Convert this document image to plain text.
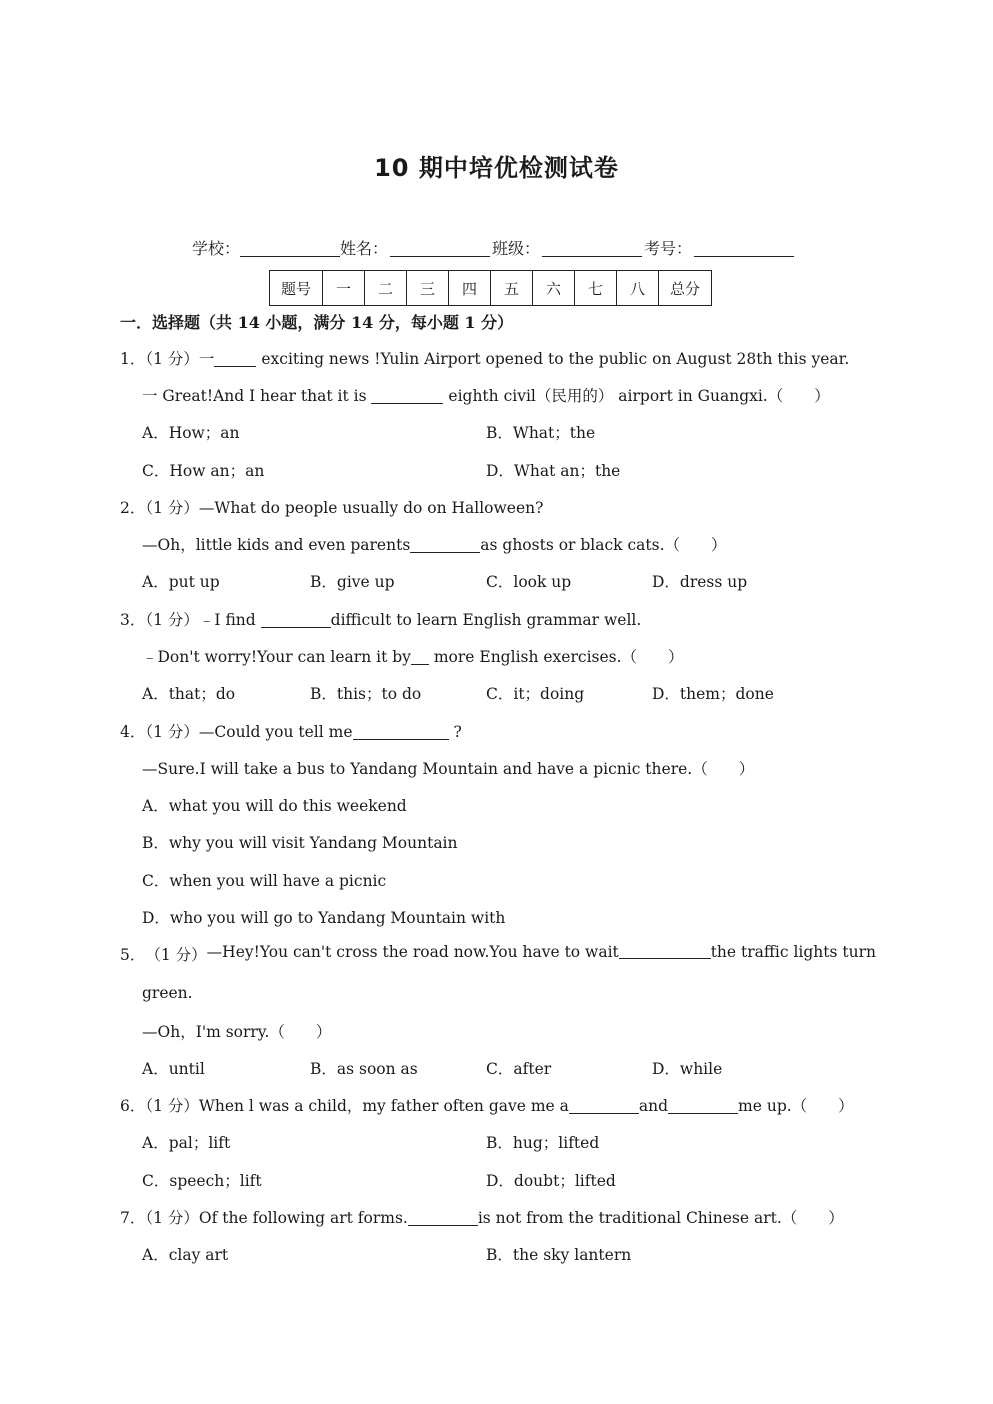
10 期中培优检测试卷
学校：	姓名：	班级：	考号：
题号	一	二	三	四	五	六	七	八	总分
一．选择题（共 14 小题，满分 14 分，每小题 1 分）
1．（1 分）一	exciting news !Yulin Airport opened to the public on August 28th this year.
一 Great!And I hear that it is	eighth civil（民用的） airport in Guangxi.（　　）
A．How；an	B．What；the
C．How an；an	D．What an；the
2．（1 分）—What do people usually do on Halloween?
—Oh，little kids and even parents	as ghosts or black cats.（　　）
A．put up	B．give up	C．look up	D．dress up
3．（1 分）﹣I find	difficult to learn English grammar well.
﹣Don't worry!Your can learn it by more English exercises.（　　）
A．that；do	B．this；to do	C．it；doing	D．them；done
4．（1 分）—Could you tell me	?
—Sure.I will take a bus to Yandang Mountain and have a picnic there.（　　）
A．what you will do this weekend
B．why you will visit Yandang Mountain
C．when you will have a picnic
D．who you will go to Yandang Mountain with
5． （1 分） —Hey!You can't cross the road now.You have to wait	the traffic lights turn
green.
—Oh，I'm sorry.（　　）
A．until	B．as soon as	C．after	D．while
6．（1 分）When l was a child，my father often gave me a	and	me up.（　　）
A．pal；lift	B．hug；lifted
C．speech；lift	D．doubt；lifted
7．（1 分）Of the following art forms.	is not from the traditional Chinese art.（　　）
A．clay art	B．the sky lantern
